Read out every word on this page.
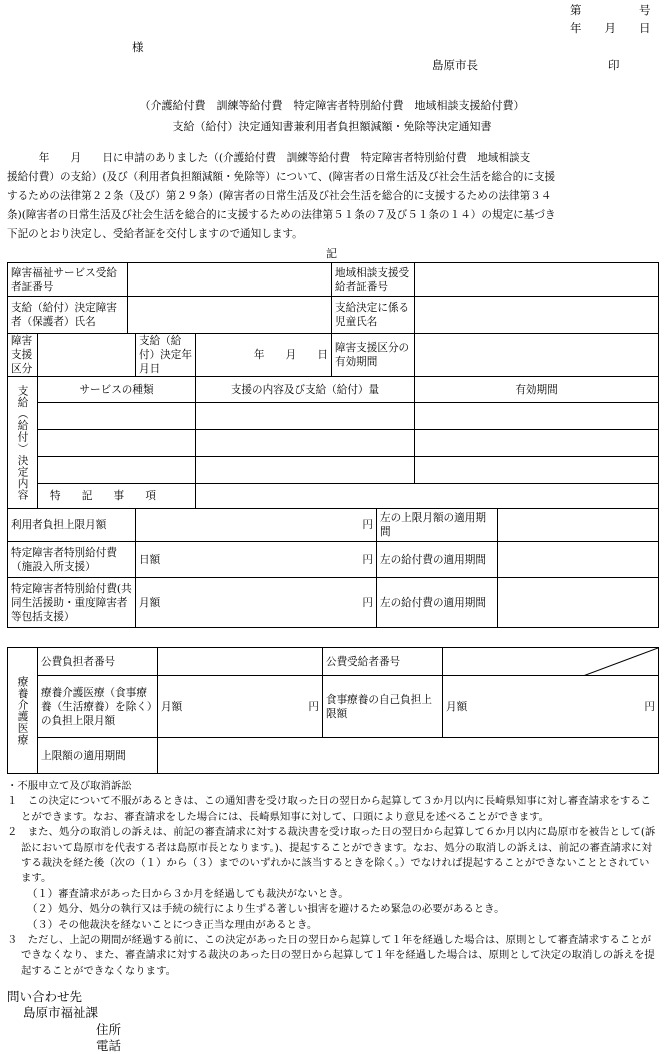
第　　　　　号
年　　月　　日
様
島原市長	印
（介護給付費　訓練等給付費　特定障害者特別給付費　地域相談支援給付費）
支給（給付）決定通知書兼利用者負担額減額・免除等決定通知書
　　　年　　月　　日に申請のありました（(介護給付費　訓練等給付費　特定障害者特別給付費　地域相談支
援給付費）の支給）(及び（利用者負担額減額・免除等）について、(障害者の日常生活及び社会生活を総合的に支援
するための法律第２２条（及び）第２９条）(障害者の日常生活及び社会生活を総合的に支援するための法律第３４
条)(障害者の日常生活及び社会生活を総合的に支援するための法律第５１条の７及び５１条の１４）の規定に基づき
下記のとおり決定し、受給者証を交付しますので通知します。
記
障害福祉サービス受給者証番号					地域相談支援受給者証番号			

支給（給付）決定障害者（保護者）氏名					支給決定に係る児童氏名			
障害支援区分			支給（給付）決定年月日	年　　月　　日	障害支援区分の有効期間			
支給（給付）決定内容	サービスの種類			支援の内容及び支給（給付）量			有効期間	

	特　　記　　事　　項							
利用者負担上限月額			円			左の上限月額の適用期間		
特定障害者特別給付費（施設入所支援）			日額 円			左の給付費の適用期間		
特定障害者特別給付費(共同生活援助・重度障害者等包括支援）			月額 円			左の給付費の適用期間		
療養介護医療	公費負担者番号		公費受給者番号	

	療養介護医療（食事療養（生活療養）を除く）の負担上限月額	月額 円	食事療養の自己負担上限額	月額 円

	上限額の適用期間			
・不服申立て及び取消訴訟
１　この決定について不服があるときは、この通知書を受け取った日の翌日から起算して３か月以内に長崎県知事に対し審査請求をすることができます。なお、審査請求をした場合には、長崎県知事に対して、口頭により意見を述べることができます。
２　また、処分の取消しの訴えは、前記の審査請求に対する裁決書を受け取った日の翌日から起算して６か月以内に島原市を被告として(訴訟において島原市を代表する者は島原市長となります。)、提起することができます。なお、処分の取消しの訴えは、前記の審査請求に対する裁決を経た後（次の（１）から（３）までのいずれかに該当するときを除く。）でなければ提起することができないこととされています。
（１）審査請求があった日から３か月を経過しても裁決がないとき。
（２）処分、処分の執行又は手続の続行により生ずる著しい損害を避けるため緊急の必要があるとき。
（３）その他裁決を経ないことにつき正当な理由があるとき。
３　ただし、上記の期間が経過する前に、この決定があった日の翌日から起算して１年を経過した場合は、原則として審査請求することができなくなり、また、審査請求に対する裁決のあった日の翌日から起算して１年を経過した場合は、原則として決定の取消しの訴えを提起することができなくなります。
問い合わせ先
島原市福祉課
住所
電話
